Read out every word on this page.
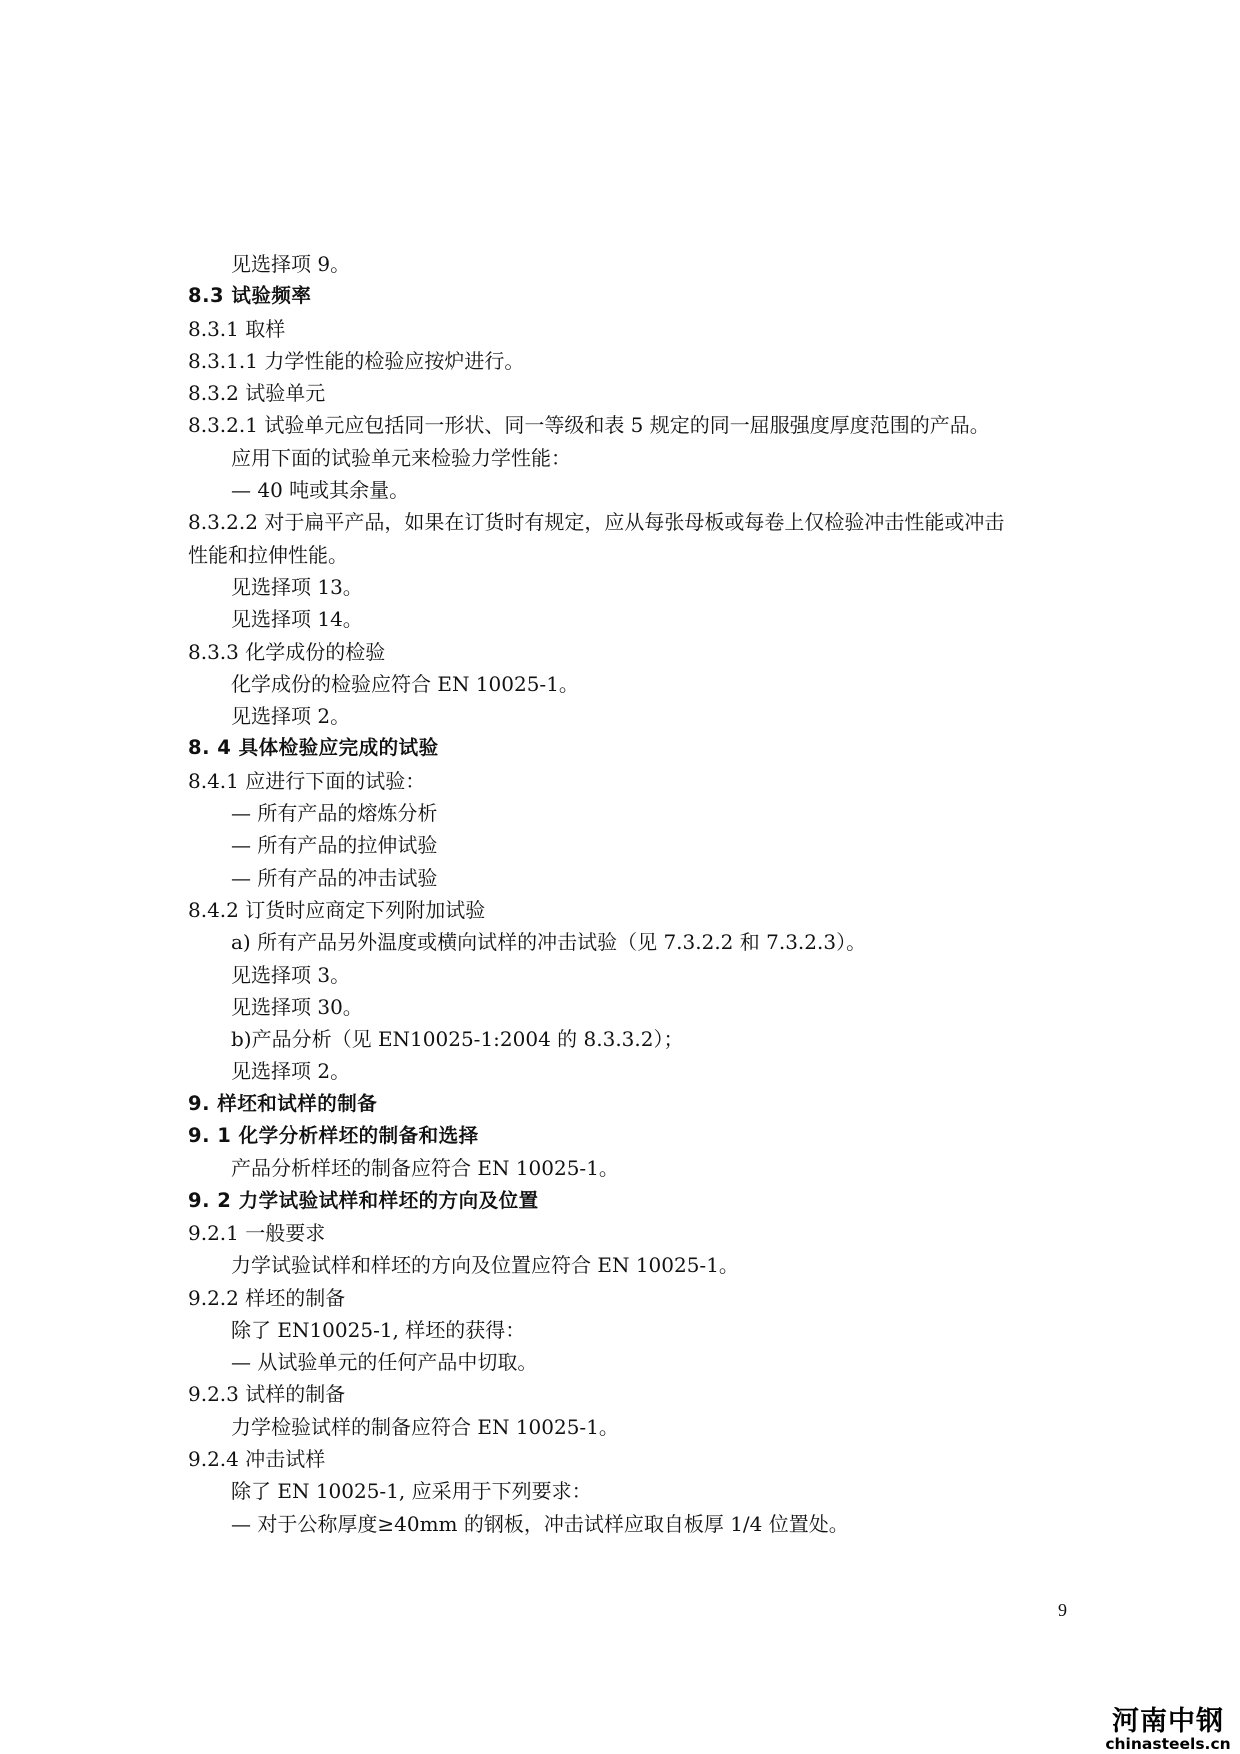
见选择项 9。
8.3 试验频率
8.3.1 取样
8.3.1.1 力学性能的检验应按炉进行。
8.3.2 试验单元
8.3.2.1 试验单元应包括同一形状、同一等级和表 5 规定的同一屈服强度厚度范围的产品。
应用下面的试验单元来检验力学性能：
— 40 吨或其余量。
8.3.2.2 对于扁平产品，如果在订货时有规定，应从每张母板或每卷上仅检验冲击性能或冲击
性能和拉伸性能。
见选择项 13。
见选择项 14。
8.3.3 化学成份的检验
化学成份的检验应符合 EN 10025-1。
见选择项 2。
8. 4 具体检验应完成的试验
8.4.1 应进行下面的试验：
— 所有产品的熔炼分析
— 所有产品的拉伸试验
— 所有产品的冲击试验
8.4.2 订货时应商定下列附加试验
a) 所有产品另外温度或横向试样的冲击试验（见 7.3.2.2 和 7.3.2.3）。
见选择项 3。
见选择项 30。
b)产品分析（见 EN10025-1:2004 的 8.3.3.2）；
见选择项 2。
9. 样坯和试样的制备
9. 1 化学分析样坯的制备和选择
产品分析样坯的制备应符合 EN 10025-1。
9. 2 力学试验试样和样坯的方向及位置
9.2.1 一般要求
力学试验试样和样坯的方向及位置应符合 EN 10025-1。
9.2.2 样坯的制备
除了 EN10025-1, 样坯的获得：
— 从试验单元的任何产品中切取。
9.2.3 试样的制备
力学检验试样的制备应符合 EN 10025-1。
9.2.4 冲击试样
除了 EN 10025-1, 应采用于下列要求：
— 对于公称厚度≥40mm 的钢板，冲击试样应取自板厚 1/4 位置处。
9
河南中钢
chinasteels.cn
